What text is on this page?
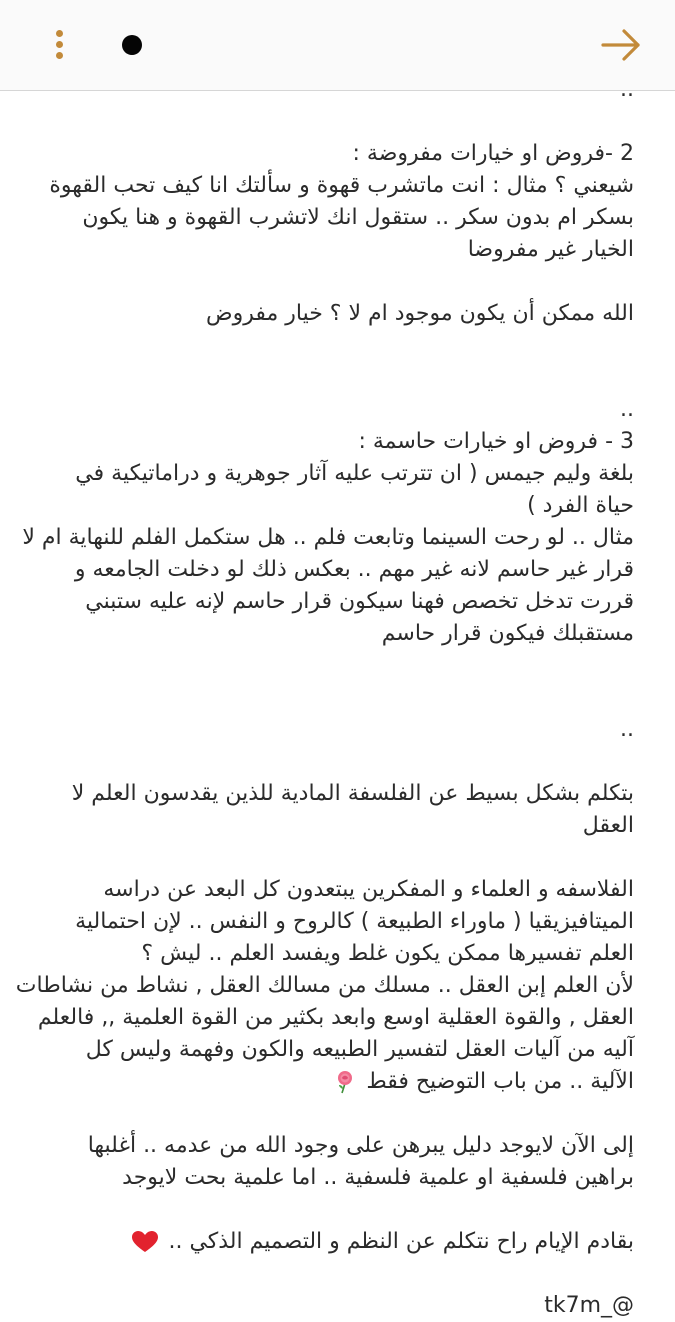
..
2 -فروض او خيارات مفروضة :
شيعني ؟ مثال : انت ماتشرب قهوة و سألتك انا كيف تحب القهوة
بسكر ام بدون سكر .. ستقول انك لاتشرب القهوة و هنا يكون
الخيار غير مفروضا
الله ممكن أن يكون موجود ام لا ؟ خيار مفروض
..
3 - فروض او خيارات حاسمة :
بلغة وليم جيمس ( ان تترتب عليه آثار جوهرية و دراماتيكية في
حياة الفرد )
مثال .. لو رحت السينما وتابعت فلم .. هل ستكمل الفلم للنهاية ام لا
قرار غير حاسم لانه غير مهم .. بعكس ذلك لو دخلت الجامعه و
قررت تدخل تخصص فهنا سيكون قرار حاسم لإنه عليه ستبني
مستقبلك فيكون قرار حاسم
..
بتكلم بشكل بسيط عن الفلسفة المادية للذين يقدسون العلم لا
العقل
الفلاسفه و العلماء و المفكرين يبتعدون كل البعد عن دراسه
الميتافيزيقيا ( ماوراء الطبيعة ) كالروح و النفس .. لإن احتمالية
العلم تفسيرها ممكن يكون غلط ويفسد العلم .. ليش ؟
لأن العلم إبن العقل .. مسلك من مسالك العقل , نشاط من نشاطات
العقل , والقوة العقلية اوسع وابعد بكثير من القوة العلمية ,, فالعلم
آليه من آليات العقل لتفسير الطبيعه والكون وفهمة وليس كل
الآلية .. من باب التوضيح فقط
إلى الآن لايوجد دليل يبرهن على وجود الله من عدمه .. أغلبها
براهين فلسفية او علمية فلسفية .. اما علمية بحت لايوجد
بقادم الإيام راح نتكلم عن النظم و التصميم الذكي ..
@_tk7m
